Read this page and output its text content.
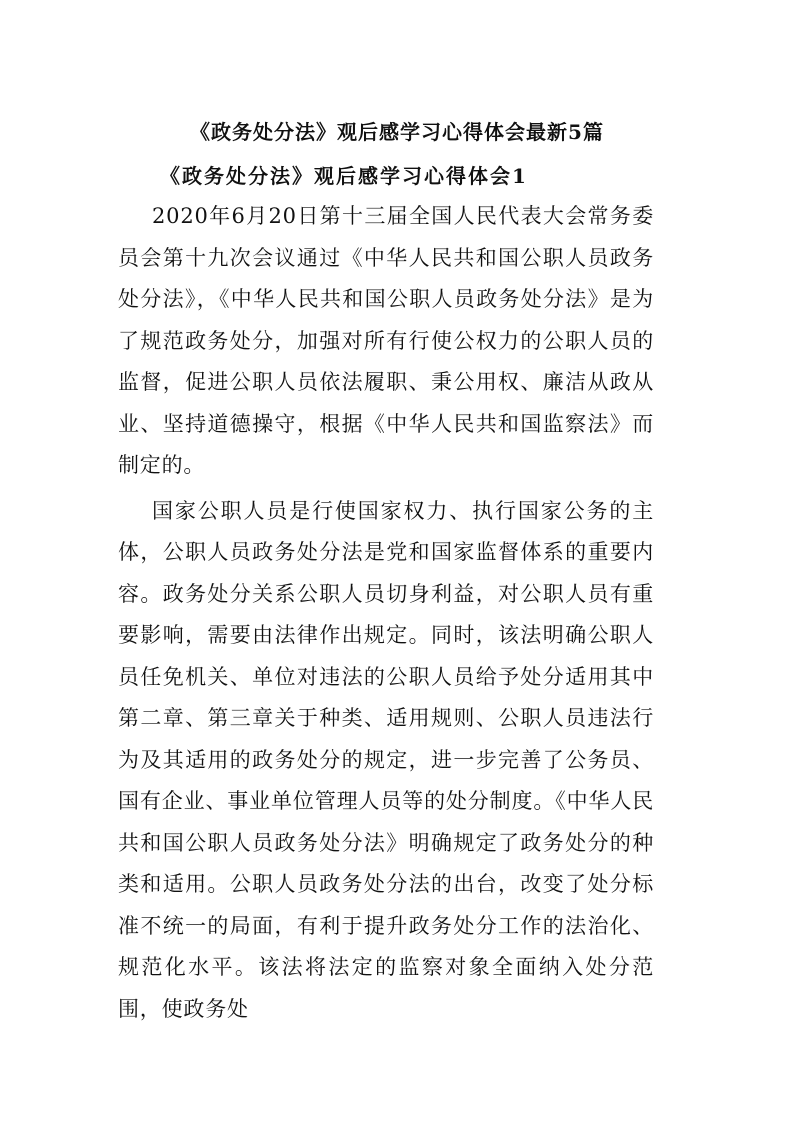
《政务处分法》观后感学习心得体会最新5篇
《政务处分法》观后感学习心得体会1

2020年6月20日第十三届全国人民代表大会常务委员会第十九次会议通过《中华人民共和国公职人员政务处分法》，《中华人民共和国公职人员政务处分法》是为了规范政务处分，加强对所有行使公权力的公职人员的监督，促进公职人员依法履职、秉公用权、廉洁从政从业、坚持道德操守，根据《中华人民共和国监察法》而制定的。

国家公职人员是行使国家权力、执行国家公务的主体，公职人员政务处分法是党和国家监督体系的重要内容。政务处分关系公职人员切身利益，对公职人员有重要影响，需要由法律作出规定。同时，该法明确公职人员任免机关、单位对违法的公职人员给予处分适用其中第二章、第三章关于种类、适用规则、公职人员违法行为及其适用的政务处分的规定，进一步完善了公务员、国有企业、事业单位管理人员等的处分制度。《中华人民共和国公职人员政务处分法》明确规定了政务处分的种类和适用。公职人员政务处分法的出台，改变了处分标准不统一的局面，有利于提升政务处分工作的法治化、规范化水平。该法将法定的监察对象全面纳入处分范围，使政务处
